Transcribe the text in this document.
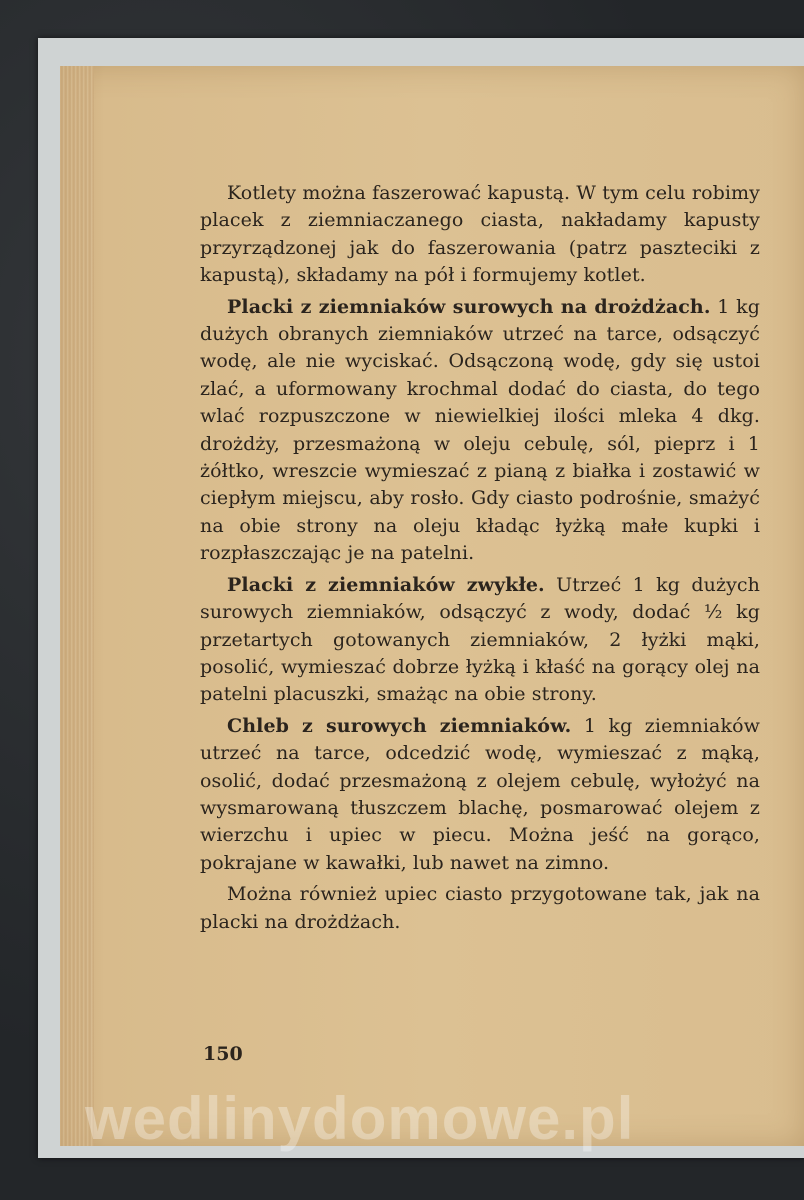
Kotlety można faszerować kapustą. W tym celu robimy placek z ziemniaczanego ciasta, nakładamy kapusty przyrządzonej jak do faszerowania (patrz paszteciki z kapustą), składamy na pół i formujemy kotlet.

Placki z ziemniaków surowych na drożdżach. 1 kg dużych obranych ziemniaków utrzeć na tarce, odsączyć wodę, ale nie wyciskać. Odsączoną wodę, gdy się ustoi zlać, a uformowany krochmal dodać do ciasta, do tego wlać rozpuszczone w niewielkiej ilości mleka 4 dkg. drożdży, przesmażoną w oleju cebulę, sól, pieprz i 1 żółtko, wreszcie wymieszać z pianą z białka i zostawić w ciepłym miejscu, aby rosło. Gdy ciasto podrośnie, smażyć na obie strony na oleju kładąc łyżką małe kupki i rozpłaszczając je na patelni.

Placki z ziemniaków zwykłe. Utrzeć 1 kg dużych surowych ziemniaków, odsączyć z wody, dodać ½ kg przetartych gotowanych ziemniaków, 2 łyżki mąki, posolić, wymieszać dobrze łyżką i kłaść na gorący olej na patelni placuszki, smażąc na obie strony.

Chleb z surowych ziemniaków. 1 kg ziemniaków utrzeć na tarce, odcedzić wodę, wymieszać z mąką, osolić, dodać przesmażoną z olejem cebulę, wyłożyć na wysmarowaną tłuszczem blachę, posmarować olejem z wierzchu i upiec w piecu. Można jeść na gorąco, pokrajane w kawałki, lub nawet na zimno.

Można również upiec ciasto przygotowane tak, jak na placki na drożdżach.

150
wedlinydomowe.pl
